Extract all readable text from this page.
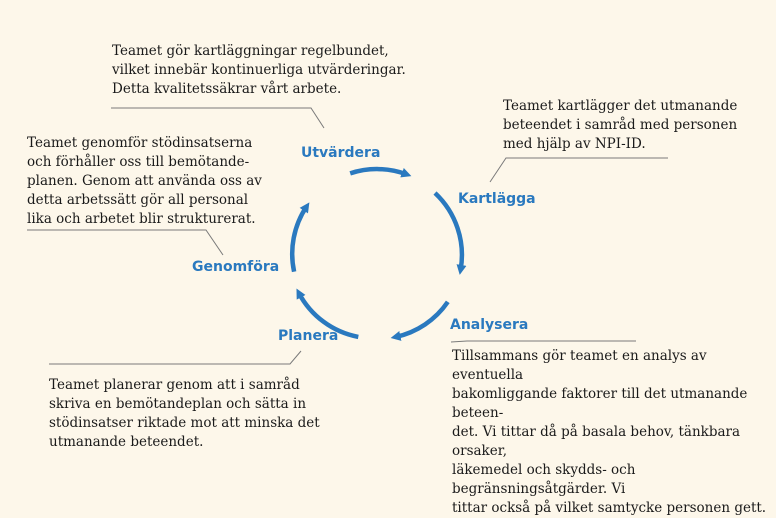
Utvärdera
Kartlägga
Analysera
Planera
Genomföra

Teamet gör kartläggningar regelbundet,
vilket innebär kontinuerliga utvärderingar.
Detta kvalitetssäkrar vårt arbete.

Teamet kartlägger det utmanande
beteendet i samråd med personen
med hjälp av NPI-ID.

Tillsammans gör teamet en analys av eventuella
bakomliggande faktorer till det utmanande beteen-
det. Vi tittar då på basala behov, tänkbara orsaker,
läkemedel och skydds- och begränsningsåtgärder. Vi
tittar också på vilket samtycke personen gett.

Teamet planerar genom att i samråd
skriva en bemötandeplan och sätta in
stödinsatser riktade mot att minska det
utmanande beteendet.

Teamet genomför stödinsatserna
och förhåller oss till bemötande-
planen. Genom att använda oss av
detta arbetssätt gör all personal
lika och arbetet blir strukturerat.
